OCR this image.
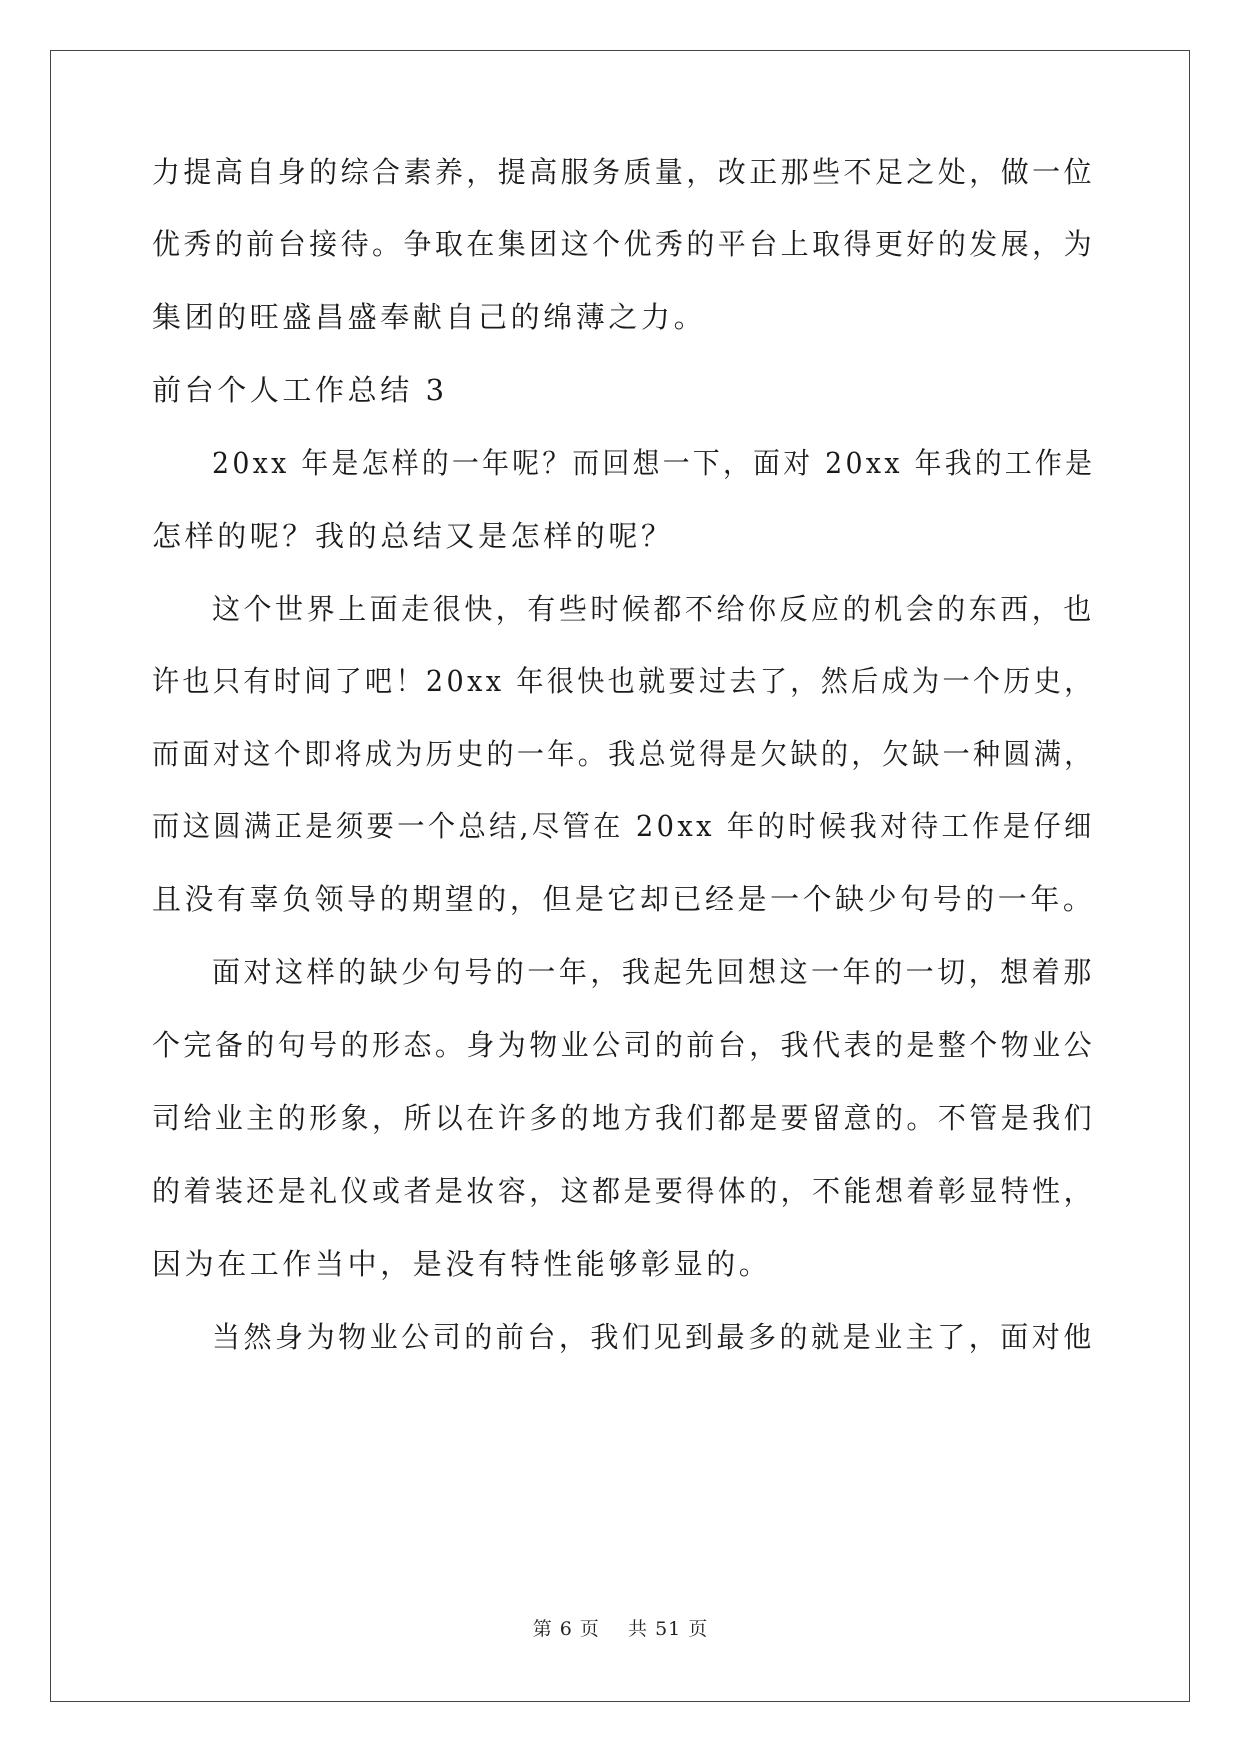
力提高自身的综合素养，提高服务质量，改正那些不足之处，做一位
优秀的前台接待。争取在集团这个优秀的平台上取得更好的发展，为
集团的旺盛昌盛奉献自己的绵薄之力。
前台个人工作总结 3
20xx 年是怎样的一年呢？而回想一下，面对 20xx 年我的工作是
怎样的呢？我的总结又是怎样的呢？
这个世界上面走很快，有些时候都不给你反应的机会的东西，也
许也只有时间了吧！20xx 年很快也就要过去了，然后成为一个历史，
而面对这个即将成为历史的一年。我总觉得是欠缺的，欠缺一种圆满，
而这圆满正是须要一个总结,尽管在 20xx 年的时候我对待工作是仔细
且没有辜负领导的期望的，但是它却已经是一个缺少句号的一年。
面对这样的缺少句号的一年，我起先回想这一年的一切，想着那
个完备的句号的形态。身为物业公司的前台，我代表的是整个物业公
司给业主的形象，所以在许多的地方我们都是要留意的。不管是我们
的着装还是礼仪或者是妆容，这都是要得体的，不能想着彰显特性，
因为在工作当中，是没有特性能够彰显的。
当然身为物业公司的前台，我们见到最多的就是业主了，面对他
第 6 页    共 51 页
